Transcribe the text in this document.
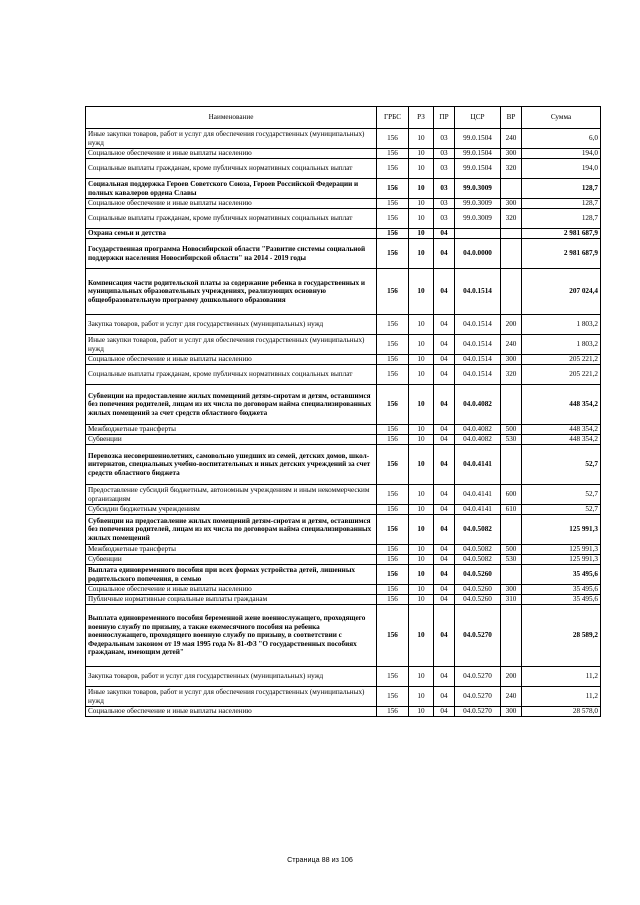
Наименование	ГРБС	РЗ	ПР	ЦСР	ВР	Сумма
Иные закупки товаров, работ и услуг для обеспечения государственных (муниципальных) нужд	156	10	03	99.0.1504	240	6,0
Социальное обеспечение и иные выплаты населению	156	10	03	99.0.1504	300	194,0
Социальные выплаты гражданам, кроме публичных нормативных социальных выплат	156	10	03	99.0.1504	320	194,0
Социальная поддержка Героев Советского Союза, Героев Российской Федерации и полных кавалеров ордена Славы	156	10	03	99.0.3009		128,7
Социальное обеспечение и иные выплаты населению	156	10	03	99.0.3009	300	128,7
Социальные выплаты гражданам, кроме публичных нормативных социальных выплат	156	10	03	99.0.3009	320	128,7
Охрана семьи и детства	156	10	04			2 981 687,9
Государственная программа Новосибирской области "Развитие системы социальной поддержки населения Новосибирской области" на 2014 - 2019 годы	156	10	04	04.0.0000		2 981 687,9
Компенсация части родительской платы за содержание ребенка в государственных и муниципальных образовательных учреждениях, реализующих основную общеобразовательную программу дошкольного образования	156	10	04	04.0.1514		207 024,4
Закупка товаров, работ и услуг для государственных (муниципальных) нужд	156	10	04	04.0.1514	200	1 803,2
Иные закупки товаров, работ и услуг для обеспечения государственных (муниципальных) нужд	156	10	04	04.0.1514	240	1 803,2
Социальное обеспечение и иные выплаты населению	156	10	04	04.0.1514	300	205 221,2
Социальные выплаты гражданам, кроме публичных нормативных социальных выплат	156	10	04	04.0.1514	320	205 221,2
Субвенции на предоставление жилых помещений детям-сиротам и детям, оставшимся без попечения родителей, лицам из их числа по договорам найма специализированных жилых помещений за счет средств областного бюджета	156	10	04	04.0.4082		448 354,2
Межбюджетные трансферты	156	10	04	04.0.4082	500	448 354,2
Субвенции	156	10	04	04.0.4082	530	448 354,2
Перевозка несовершеннолетних, самовольно ушедших из семей, детских домов, школ-интернатов, специальных учебно-воспитательных и иных детских учреждений за счет средств областного бюджета	156	10	04	04.0.4141		52,7
Предоставление субсидий бюджетным, автономным учреждениям и иным некоммерческим организациям	156	10	04	04.0.4141	600	52,7
Субсидии бюджетным учреждениям	156	10	04	04.0.4141	610	52,7
Субвенции на предоставление жилых помещений детям-сиротам и детям, оставшимся без попечения родителей, лицам из их числа по договорам найма специализированных жилых помещений	156	10	04	04.0.5082		125 991,3
Межбюджетные трансферты	156	10	04	04.0.5082	500	125 991,3
Субвенции	156	10	04	04.0.5082	530	125 991,3
Выплата единовременного пособия при всех формах устройства детей, лишенных родительского попечения, в семью	156	10	04	04.0.5260		35 495,6
Социальное обеспечение и иные выплаты населению	156	10	04	04.0.5260	300	35 495,6
Публичные нормативные социальные выплаты гражданам	156	10	04	04.0.5260	310	35 495,6
Выплата единовременного пособия беременной жене военнослужащего, проходящего военную службу по призыву, а также ежемесячного пособия на ребенка военнослужащего, проходящего военную службу по призыву, в соответствии с Федеральным законом от 19 мая 1995 года № 81-ФЗ "О государственных пособиях гражданам, имеющим детей"	156	10	04	04.0.5270		28 589,2
Закупка товаров, работ и услуг для государственных (муниципальных) нужд	156	10	04	04.0.5270	200	11,2
Иные закупки товаров, работ и услуг для обеспечения государственных (муниципальных) нужд	156	10	04	04.0.5270	240	11,2
Социальное обеспечение и иные выплаты населению	156	10	04	04.0.5270	300	28 578,0
Страница 88 из 106
